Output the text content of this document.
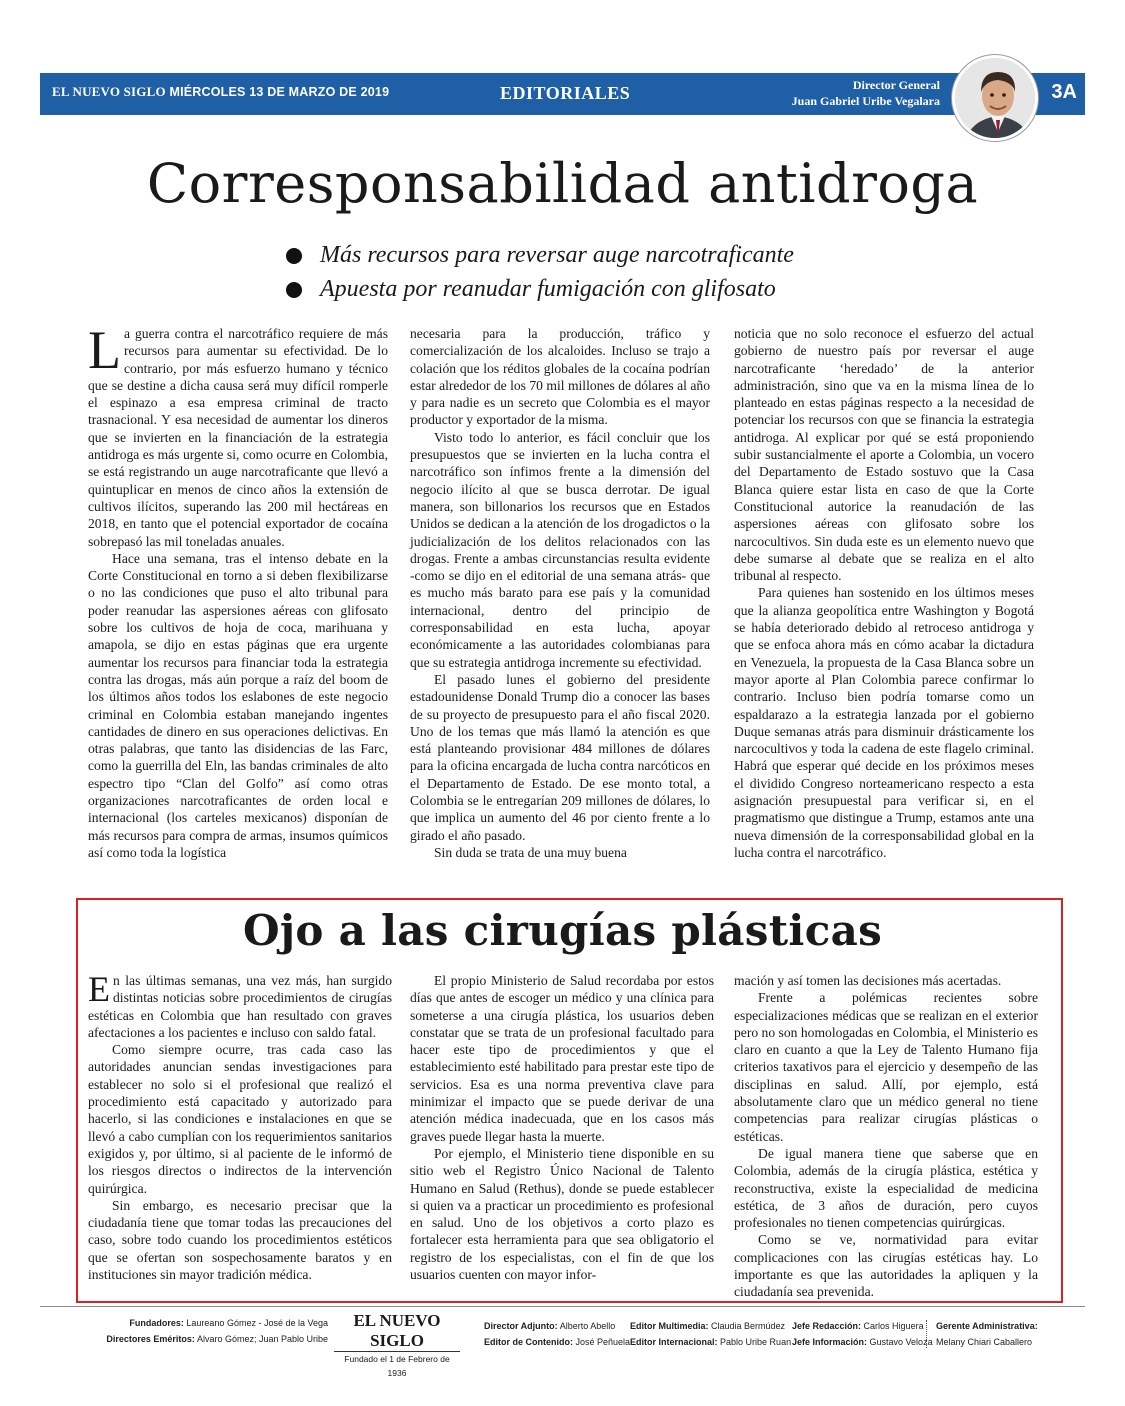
EL NUEVO SIGLO MIÉRCOLES 13 DE MARZO DE 2019	EDITORIALES	Director General
Juan Gabriel Uribe Vegalara	3A
Corresponsabilidad antidroga
Más recursos para reversar auge narcotraficante
Apuesta por reanudar fumigación con glifosato

La guerra contra el narcotráfico requiere de más recursos para aumentar su efectividad. De lo contrario, por más esfuerzo humano y técnico que se destine a dicha causa será muy difícil romperle el espinazo a esa empresa criminal de tracto trasnacional. Y esa necesidad de aumentar los dineros que se invierten en la financiación de la estrategia antidroga es más urgente si, como ocurre en Colombia, se está registrando un auge narcotraficante que llevó a quintuplicar en menos de cinco años la extensión de cultivos ilícitos, superando las 200 mil hectáreas en 2018, en tanto que el potencial exportador de cocaína sobrepasó las mil toneladas anuales.

Hace una semana, tras el intenso debate en la Corte Constitucional en torno a si deben flexibilizarse o no las condiciones que puso el alto tribunal para poder reanudar las aspersiones aéreas con glifosato sobre los cultivos de hoja de coca, marihuana y amapola, se dijo en estas páginas que era urgente aumentar los recursos para financiar toda la estrategia contra las drogas, más aún porque a raíz del boom de los últimos años todos los eslabones de este negocio criminal en Colombia estaban manejando ingentes cantidades de dinero en sus operaciones delictivas. En otras palabras, que tanto las disidencias de las Farc, como la guerrilla del Eln, las bandas criminales de alto espectro tipo “Clan del Golfo” así como otras organizaciones narcotraficantes de orden local e internacional (los carteles mexicanos) disponían de más recursos para compra de armas, insumos químicos así como toda la logística

necesaria para la producción, tráfico y comercialización de los alcaloides. Incluso se trajo a colación que los réditos globales de la cocaína podrían estar alrededor de los 70 mil millones de dólares al año y para nadie es un secreto que Colombia es el mayor productor y exportador de la misma.

Visto todo lo anterior, es fácil concluir que los presupuestos que se invierten en la lucha contra el narcotráfico son ínfimos frente a la dimensión del negocio ilícito al que se busca derrotar. De igual manera, son billonarios los recursos que en Estados Unidos se dedican a la atención de los drogadictos o la judicialización de los delitos relacionados con las drogas. Frente a ambas circunstancias resulta evidente -como se dijo en el editorial de una semana atrás- que es mucho más barato para ese país y la comunidad internacional, dentro del principio de corresponsabilidad en esta lucha, apoyar económicamente a las autoridades colombianas para que su estrategia antidroga incremente su efectividad.

El pasado lunes el gobierno del presidente estadounidense Donald Trump dio a conocer las bases de su proyecto de presupuesto para el año fiscal 2020. Uno de los temas que más llamó la atención es que está planteando provisionar 484 millones de dólares para la oficina encargada de lucha contra narcóticos en el Departamento de Estado. De ese monto total, a Colombia se le entregarían 209 millones de dólares, lo que implica un aumento del 46 por ciento frente a lo girado el año pasado.

Sin duda se trata de una muy buena

noticia que no solo reconoce el esfuerzo del actual gobierno de nuestro país por reversar el auge narcotraficante ‘heredado’ de la anterior administración, sino que va en la misma línea de lo planteado en estas páginas respecto a la necesidad de potenciar los recursos con que se financia la estrategia antidroga. Al explicar por qué se está proponiendo subir sustancialmente el aporte a Colombia, un vocero del Departamento de Estado sostuvo que la Casa Blanca quiere estar lista en caso de que la Corte Constitucional autorice la reanudación de las aspersiones aéreas con glifosato sobre los narcocultivos. Sin duda este es un elemento nuevo que debe sumarse al debate que se realiza en el alto tribunal al respecto.

Para quienes han sostenido en los últimos meses que la alianza geopolítica entre Washington y Bogotá se había deteriorado debido al retroceso antidroga y que se enfoca ahora más en cómo acabar la dictadura en Venezuela, la propuesta de la Casa Blanca sobre un mayor aporte al Plan Colombia parece confirmar lo contrario. Incluso bien podría tomarse como un espaldarazo a la estrategia lanzada por el gobierno Duque semanas atrás para disminuir drásticamente los narcocultivos y toda la cadena de este flagelo criminal. Habrá que esperar qué decide en los próximos meses el dividido Congreso norteamericano respecto a esta asignación presupuestal para verificar si, en el pragmatismo que distingue a Trump, estamos ante una nueva dimensión de la corresponsabilidad global en la lucha contra el narcotráfico.

Ojo a las cirugías plásticas

En las últimas semanas, una vez más, han surgido distintas noticias sobre procedimientos de cirugías estéticas en Colombia que han resultado con graves afectaciones a los pacientes e incluso con saldo fatal.

Como siempre ocurre, tras cada caso las autoridades anuncian sendas investigaciones para establecer no solo si el profesional que realizó el procedimiento está capacitado y autorizado para hacerlo, si las condiciones e instalaciones en que se llevó a cabo cumplían con los requerimientos sanitarios exigidos y, por último, si al paciente de le informó de los riesgos directos o indirectos de la intervención quirúrgica.

Sin embargo, es necesario precisar que la ciudadanía tiene que tomar todas las precauciones del caso, sobre todo cuando los procedimientos estéticos que se ofertan son sospechosamente baratos y en instituciones sin mayor tradición médica.

El propio Ministerio de Salud recordaba por estos días que antes de escoger un médico y una clínica para someterse a una cirugía plástica, los usuarios deben constatar que se trata de un profesional facultado para hacer este tipo de procedimientos y que el establecimiento esté habilitado para prestar este tipo de servicios. Esa es una norma preventiva clave para minimizar el impacto que se puede derivar de una atención médica inadecuada, que en los casos más graves puede llegar hasta la muerte.

Por ejemplo, el Ministerio tiene disponible en su sitio web el Registro Único Nacional de Talento Humano en Salud (Rethus), donde se puede establecer si quien va a practicar un procedimiento es profesional en salud. Uno de los objetivos a corto plazo es fortalecer esta herramienta para que sea obligatorio el registro de los especialistas, con el fin de que los usuarios cuenten con mayor infor-

mación y así tomen las decisiones más acertadas.

Frente a polémicas recientes sobre especializaciones médicas que se realizan en el exterior pero no son homologadas en Colombia, el Ministerio es claro en cuanto a que la Ley de Talento Humano fija criterios taxativos para el ejercicio y desempeño de las disciplinas en salud. Allí, por ejemplo, está absolutamente claro que un médico general no tiene competencias para realizar cirugías plásticas o estéticas.

De igual manera tiene que saberse que en Colombia, además de la cirugía plástica, estética y reconstructiva, existe la especialidad de medicina estética, de 3 años de duración, pero cuyos profesionales no tienen competencias quirúrgicas.

Como se ve, normatividad para evitar complicaciones con las cirugías estéticas hay. Lo importante es que las autoridades la apliquen y la ciudadanía sea prevenida.

Fundadores: Laureano Gómez - José de la Vega
Directores Eméritos: Alvaro Gómez; Juan Pablo Uribe
EL NUEVO SIGLO
Fundado el 1 de Febrero de 1936
Director Adjunto: Alberto Abello
Editor de Contenido: José Peñuela
Editor Multimedia: Claudia Bermúdez
Editor Internacional: Pablo Uribe Ruan
Jefe Redacción: Carlos Higuera
Jefe Información: Gustavo Veloza
Gerente Administrativa:
Melany Chiari Caballero
